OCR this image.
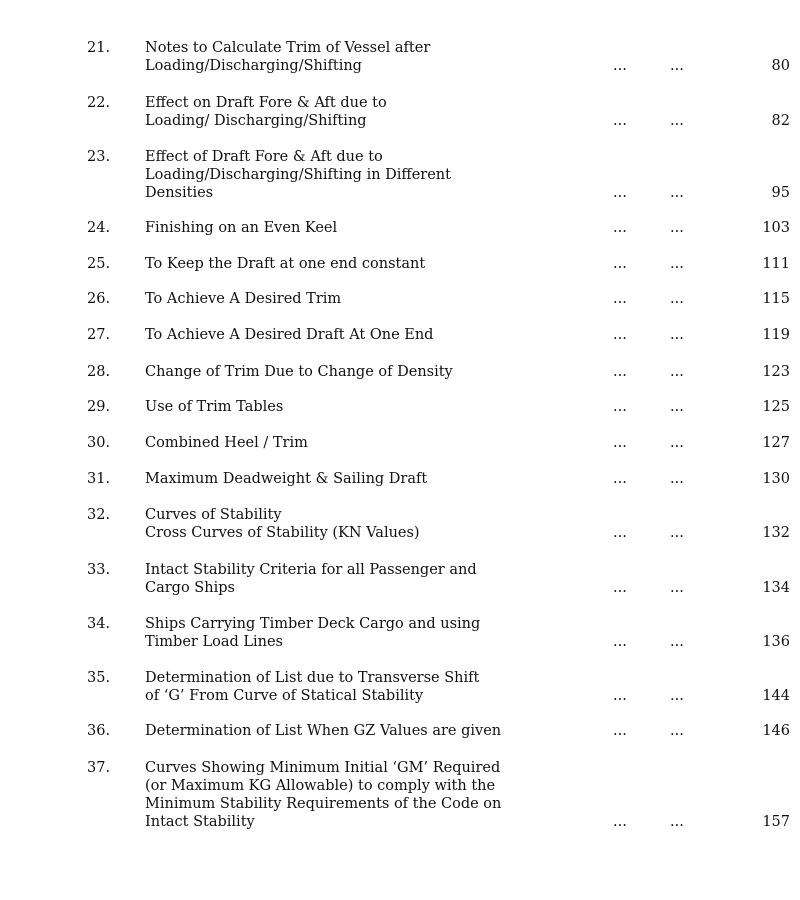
21. Notes to Calculate Trim of Vessel after
Loading/Discharging/Shifting	...	...	80
22. Effect on Draft Fore & Aft due to
Loading/ Discharging/Shifting	...	...	82
23. Effect of Draft Fore & Aft due to
Loading/Discharging/Shifting in Different
Densities	...	...	95
24. Finishing on an Even Keel	...	...	103
25. To Keep the Draft at one end constant	...	...	111
26. To Achieve A Desired Trim	...	...	115
27. To Achieve A Desired Draft At One End	...	...	119
28. Change of Trim Due to Change of Density	...	...	123
29. Use of Trim Tables	...	...	125
30. Combined Heel / Trim	...	...	127
31. Maximum Deadweight & Sailing Draft	...	...	130
32. Curves of Stability
Cross Curves of Stability (KN Values)	...	...	132
33. Intact Stability Criteria for all Passenger and
Cargo Ships	...	...	134
34. Ships Carrying Timber Deck Cargo and using
Timber Load Lines	...	...	136
35. Determination of List due to Transverse Shift
of ‘G’ From Curve of Statical Stability	...	...	144
36. Determination of List When GZ Values are given	...	...	146
37. Curves Showing Minimum Initial ‘GM’ Required
(or Maximum KG Allowable) to comply with the
Minimum Stability Requirements of the Code on
Intact Stability	...	...	157
